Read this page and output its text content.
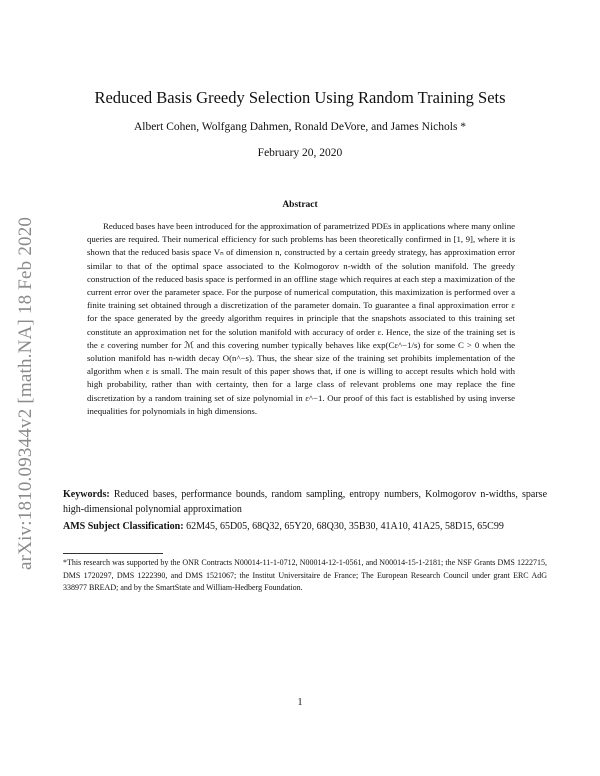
arXiv:1810.09344v2 [math.NA] 18 Feb 2020
Reduced Basis Greedy Selection Using Random Training Sets
Albert Cohen, Wolfgang Dahmen, Ronald DeVore, and James Nichols *
February 20, 2020
Abstract
Reduced bases have been introduced for the approximation of parametrized PDEs in applications where many online queries are required. Their numerical efficiency for such problems has been theoretically confirmed in [1, 9], where it is shown that the reduced basis space Vₙ of dimension n, constructed by a certain greedy strategy, has approximation error similar to that of the optimal space associated to the Kolmogorov n-width of the solution manifold. The greedy construction of the reduced basis space is performed in an offline stage which requires at each step a maximization of the current error over the parameter space. For the purpose of numerical computation, this maximization is performed over a finite training set obtained through a discretization of the parameter domain. To guarantee a final approximation error ε for the space generated by the greedy algorithm requires in principle that the snapshots associated to this training set constitute an approximation net for the solution manifold with accuracy of order ε. Hence, the size of the training set is the ε covering number for ℳ and this covering number typically behaves like exp(Cε^−1/s) for some C > 0 when the solution manifold has n-width decay O(n^−s). Thus, the shear size of the training set prohibits implementation of the algorithm when ε is small. The main result of this paper shows that, if one is willing to accept results which hold with high probability, rather than with certainty, then for a large class of relevant problems one may replace the fine discretization by a random training set of size polynomial in ε^−1. Our proof of this fact is established by using inverse inequalities for polynomials in high dimensions.
Keywords: Reduced bases, performance bounds, random sampling, entropy numbers, Kolmogorov n-widths, sparse high-dimensional polynomial approximation
AMS Subject Classification: 62M45, 65D05, 68Q32, 65Y20, 68Q30, 35B30, 41A10, 41A25, 58D15, 65C99
*This research was supported by the ONR Contracts N00014-11-1-0712, N00014-12-1-0561, and N00014-15-1-2181; the NSF Grants DMS 1222715, DMS 1720297, DMS 1222390, and DMS 1521067; the Institut Universitaire de France; The European Research Council under grant ERC AdG 338977 BREAD; and by the SmartState and William-Hedberg Foundation.
1
